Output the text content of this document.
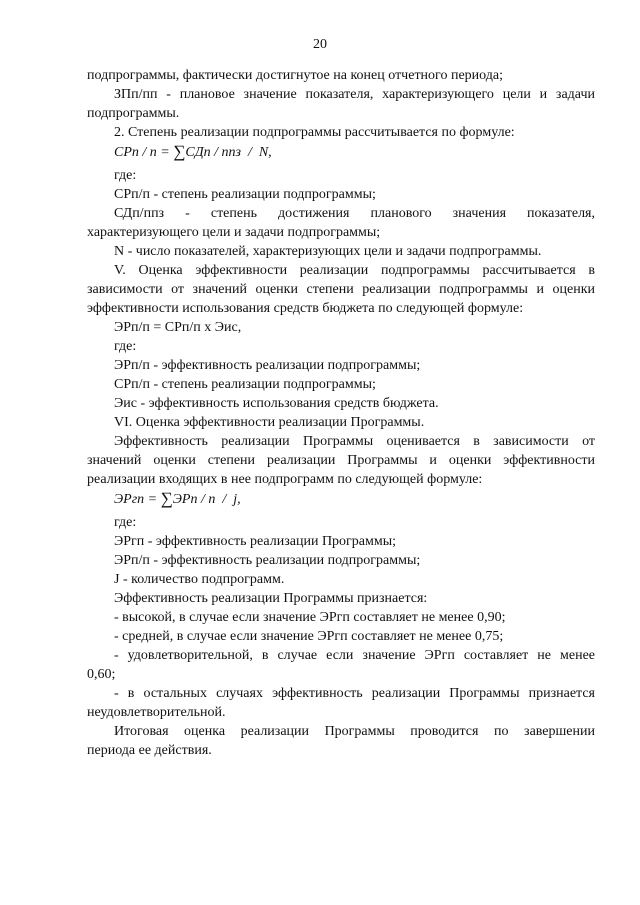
20
подпрограммы, фактически достигнутое на конец отчетного периода;
ЗПп/пп - плановое значение показателя, характеризующего цели и задачи
подпрограммы.
2. Степень реализации подпрограммы рассчитывается по формуле:
СРп / п = ∑СДп / ппз  /  N,
где:
СРп/п - степень реализации подпрограммы;
СДп/ппз - степень достижения планового значения показателя,
характеризующего цели и задачи подпрограммы;
N - число показателей, характеризующих цели и задачи подпрограммы.
V. Оценка эффективности реализации подпрограммы рассчитывается в
зависимости от значений оценки степени реализации подпрограммы и оценки
эффективности использования средств бюджета по следующей формуле:
ЭРп/п = СРп/п х Эис,
где:
ЭРп/п - эффективность реализации подпрограммы;
СРп/п - степень реализации подпрограммы;
Эис - эффективность использования средств бюджета.
VI. Оценка эффективности реализации Программы.
Эффективность реализации Программы оценивается в зависимости от
значений оценки степени реализации Программы и оценки эффективности
реализации входящих в нее подпрограмм по следующей формуле:
ЭРгп = ∑ЭРп / п  /  j,
где:
ЭРгп - эффективность реализации Программы;
ЭРп/п - эффективность реализации подпрограммы;
J - количество подпрограмм.
Эффективность реализации Программы признается:
- высокой, в случае если значение ЭРгп составляет не менее 0,90;
- средней, в случае если значение ЭРгп составляет не менее 0,75;
- удовлетворительной, в случае если значение ЭРгп составляет не менее
0,60;
- в остальных случаях эффективность реализации Программы признается
неудовлетворительной.
Итоговая оценка реализации Программы проводится по завершении
периода ее действия.
